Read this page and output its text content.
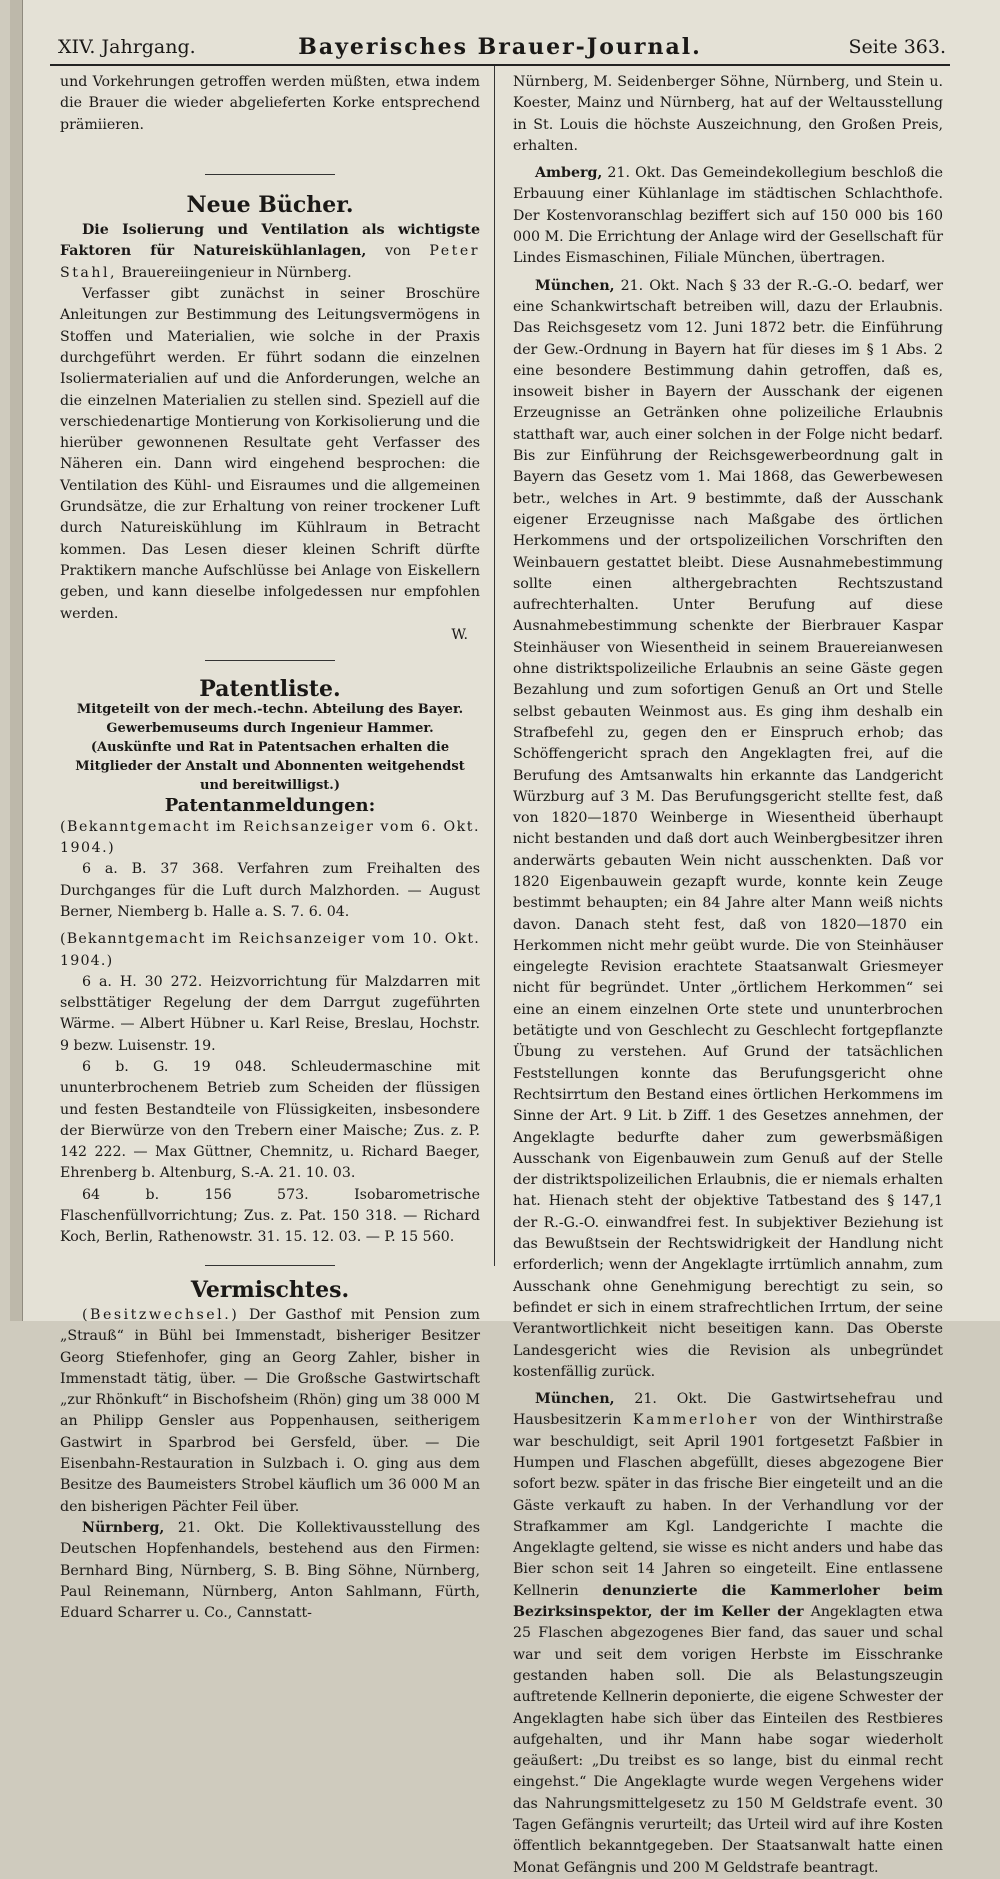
XIV. Jahrgang.	Bayerisches Brauer-Journal.	Seite 363.

und Vorkehrungen getroffen werden müßten, etwa indem die Brauer die wieder abgelieferten Korke entsprechend prämiieren.

Neue Bücher.

Die Isolierung und Ventilation als wichtigste Faktoren für Natureiskühlanlagen, von Peter Stahl, Brauereiingenieur in Nürnberg.

Verfasser gibt zunächst in seiner Broschüre Anleitungen zur Bestimmung des Leitungsvermögens in Stoffen und Materialien, wie solche in der Praxis durchgeführt werden. Er führt sodann die einzelnen Isoliermaterialien auf und die Anforderungen, welche an die einzelnen Materialien zu stellen sind. Speziell auf die verschiedenartige Montierung von Korkisolierung und die hierüber gewonnenen Resultate geht Verfasser des Näheren ein. Dann wird eingehend besprochen: die Ventilation des Kühl- und Eisraumes und die allgemeinen Grundsätze, die zur Erhaltung von reiner trockener Luft durch Natureiskühlung im Kühlraum in Betracht kommen. Das Lesen dieser kleinen Schrift dürfte Praktikern manche Aufschlüsse bei Anlage von Eiskellern geben, und kann dieselbe infolgedessen nur empfohlen werden.

W.

Patentliste.

Mitgeteilt von der mech.-techn. Abteilung des Bayer. Gewerbemuseums durch Ingenieur Hammer.

(Auskünfte und Rat in Patentsachen erhalten die Mitglieder der Anstalt und Abonnenten weitgehendst und bereitwilligst.)

Patentanmeldungen:

(Bekanntgemacht im Reichsanzeiger vom 6. Okt. 1904.)

6 a. B. 37 368. Verfahren zum Freihalten des Durchganges für die Luft durch Malzhorden. — August Berner, Niemberg b. Halle a. S. 7. 6. 04.

(Bekanntgemacht im Reichsanzeiger vom 10. Okt. 1904.)

6 a. H. 30 272. Heizvorrichtung für Malzdarren mit selbsttätiger Regelung der dem Darrgut zugeführten Wärme. — Albert Hübner u. Karl Reise, Breslau, Hochstr. 9 bezw. Luisenstr. 19.

6 b. G. 19 048. Schleudermaschine mit ununterbrochenem Betrieb zum Scheiden der flüssigen und festen Bestandteile von Flüssigkeiten, insbesondere der Bierwürze von den Trebern einer Maische; Zus. z. P. 142 222. — Max Güttner, Chemnitz, u. Richard Baeger, Ehrenberg b. Altenburg, S.-A. 21. 10. 03.

64 b. 156 573. Isobarometrische Flaschenfüllvorrichtung; Zus. z. Pat. 150 318. — Richard Koch, Berlin, Rathenowstr. 31. 15. 12. 03. — P. 15 560.

Vermischtes.

(Besitzwechsel.) Der Gasthof mit Pension zum „Strauß“ in Bühl bei Immenstadt, bisheriger Besitzer Georg Stiefenhofer, ging an Georg Zahler, bisher in Immenstadt tätig, über. — Die Großsche Gastwirtschaft „zur Rhönkuft“ in Bischofsheim (Rhön) ging um 38 000 M an Philipp Gensler aus Poppenhausen, seitherigem Gastwirt in Sparbrod bei Gersfeld, über. — Die Eisenbahn-Restauration in Sulzbach i. O. ging aus dem Besitze des Baumeisters Strobel käuflich um 36 000 M an den bisherigen Pächter Feil über.

Nürnberg, 21. Okt. Die Kollektivausstellung des Deutschen Hopfenhandels, bestehend aus den Firmen: Bernhard Bing, Nürnberg, S. B. Bing Söhne, Nürnberg, Paul Reinemann, Nürnberg, Anton Sahlmann, Fürth, Eduard Scharrer u. Co., Cannstatt-

Nürnberg, M. Seidenberger Söhne, Nürnberg, und Stein u. Koester, Mainz und Nürnberg, hat auf der Weltausstellung in St. Louis die höchste Auszeichnung, den Großen Preis, erhalten.

Amberg, 21. Okt. Das Gemeindekollegium beschloß die Erbauung einer Kühlanlage im städtischen Schlachthofe. Der Kostenvoranschlag beziffert sich auf 150 000 bis 160 000 M. Die Errichtung der Anlage wird der Gesellschaft für Lindes Eismaschinen, Filiale München, übertragen.

München, 21. Okt. Nach § 33 der R.-G.-O. bedarf, wer eine Schankwirtschaft betreiben will, dazu der Erlaubnis. Das Reichsgesetz vom 12. Juni 1872 betr. die Einführung der Gew.-Ordnung in Bayern hat für dieses im § 1 Abs. 2 eine besondere Bestimmung dahin getroffen, daß es, insoweit bisher in Bayern der Ausschank der eigenen Erzeugnisse an Getränken ohne polizeiliche Erlaubnis statthaft war, auch einer solchen in der Folge nicht bedarf. Bis zur Einführung der Reichsgewerbeordnung galt in Bayern das Gesetz vom 1. Mai 1868, das Gewerbewesen betr., welches in Art. 9 bestimmte, daß der Ausschank eigener Erzeugnisse nach Maßgabe des örtlichen Herkommens und der ortspolizeilichen Vorschriften den Weinbauern gestattet bleibt. Diese Ausnahmebestimmung sollte einen althergebrachten Rechtszustand aufrechterhalten. Unter Berufung auf diese Ausnahmebestimmung schenkte der Bierbrauer Kaspar Steinhäuser von Wiesentheid in seinem Brauereianwesen ohne distriktspolizeiliche Erlaubnis an seine Gäste gegen Bezahlung und zum sofortigen Genuß an Ort und Stelle selbst gebauten Weinmost aus. Es ging ihm deshalb ein Strafbefehl zu, gegen den er Einspruch erhob; das Schöffengericht sprach den Angeklagten frei, auf die Berufung des Amtsanwalts hin erkannte das Landgericht Würzburg auf 3 M. Das Berufungsgericht stellte fest, daß von 1820—1870 Weinberge in Wiesentheid überhaupt nicht bestanden und daß dort auch Weinbergbesitzer ihren anderwärts gebauten Wein nicht ausschenkten. Daß vor 1820 Eigenbauwein gezapft wurde, konnte kein Zeuge bestimmt behaupten; ein 84 Jahre alter Mann weiß nichts davon. Danach steht fest, daß von 1820—1870 ein Herkommen nicht mehr geübt wurde. Die von Steinhäuser eingelegte Revision erachtete Staatsanwalt Griesmeyer nicht für begründet. Unter „örtlichem Herkommen“ sei eine an einem einzelnen Orte stete und ununterbrochen betätigte und von Geschlecht zu Geschlecht fortgepflanzte Übung zu verstehen. Auf Grund der tatsächlichen Feststellungen konnte das Berufungsgericht ohne Rechtsirrtum den Bestand eines örtlichen Herkommens im Sinne der Art. 9 Lit. b Ziff. 1 des Gesetzes annehmen, der Angeklagte bedurfte daher zum gewerbsmäßigen Ausschank von Eigenbauwein zum Genuß auf der Stelle der distriktspolizeilichen Erlaubnis, die er niemals erhalten hat. Hienach steht der objektive Tatbestand des § 147,1 der R.-G.-O. einwandfrei fest. In subjektiver Beziehung ist das Bewußtsein der Rechtswidrigkeit der Handlung nicht erforderlich; wenn der Angeklagte irrtümlich annahm, zum Ausschank ohne Genehmigung berechtigt zu sein, so befindet er sich in einem strafrechtlichen Irrtum, der seine Verantwortlichkeit nicht beseitigen kann. Das Oberste Landesgericht wies die Revision als unbegründet kostenfällig zurück.

München, 21. Okt. Die Gastwirtsehefrau und Hausbesitzerin Kammerloher von der Winthirstraße war beschuldigt, seit April 1901 fortgesetzt Faßbier in Humpen und Flaschen abgefüllt, dieses abgezogene Bier sofort bezw. später in das frische Bier eingeteilt und an die Gäste verkauft zu haben. In der Verhandlung vor der Strafkammer am Kgl. Landgerichte I machte die Angeklagte geltend, sie wisse es nicht anders und habe das Bier schon seit 14 Jahren so eingeteilt. Eine entlassene Kellnerin denunzierte die Kammerloher beim Bezirksinspektor, der im Keller der Angeklagten etwa 25 Flaschen abgezogenes Bier fand, das sauer und schal war und seit dem vorigen Herbste im Eisschranke gestanden haben soll. Die als Belastungszeugin auftretende Kellnerin deponierte, die eigene Schwester der Angeklagten habe sich über das Einteilen des Restbieres aufgehalten, und ihr Mann habe sogar wiederholt geäußert: „Du treibst es so lange, bist du einmal recht eingehst.“ Die Angeklagte wurde wegen Vergehens wider das Nahrungsmittelgesetz zu 150 M Geldstrafe event. 30 Tagen Gefängnis verurteilt; das Urteil wird auf ihre Kosten öffentlich bekanntgegeben. Der Staatsanwalt hatte einen Monat Gefängnis und 200 M Geldstrafe beantragt.
